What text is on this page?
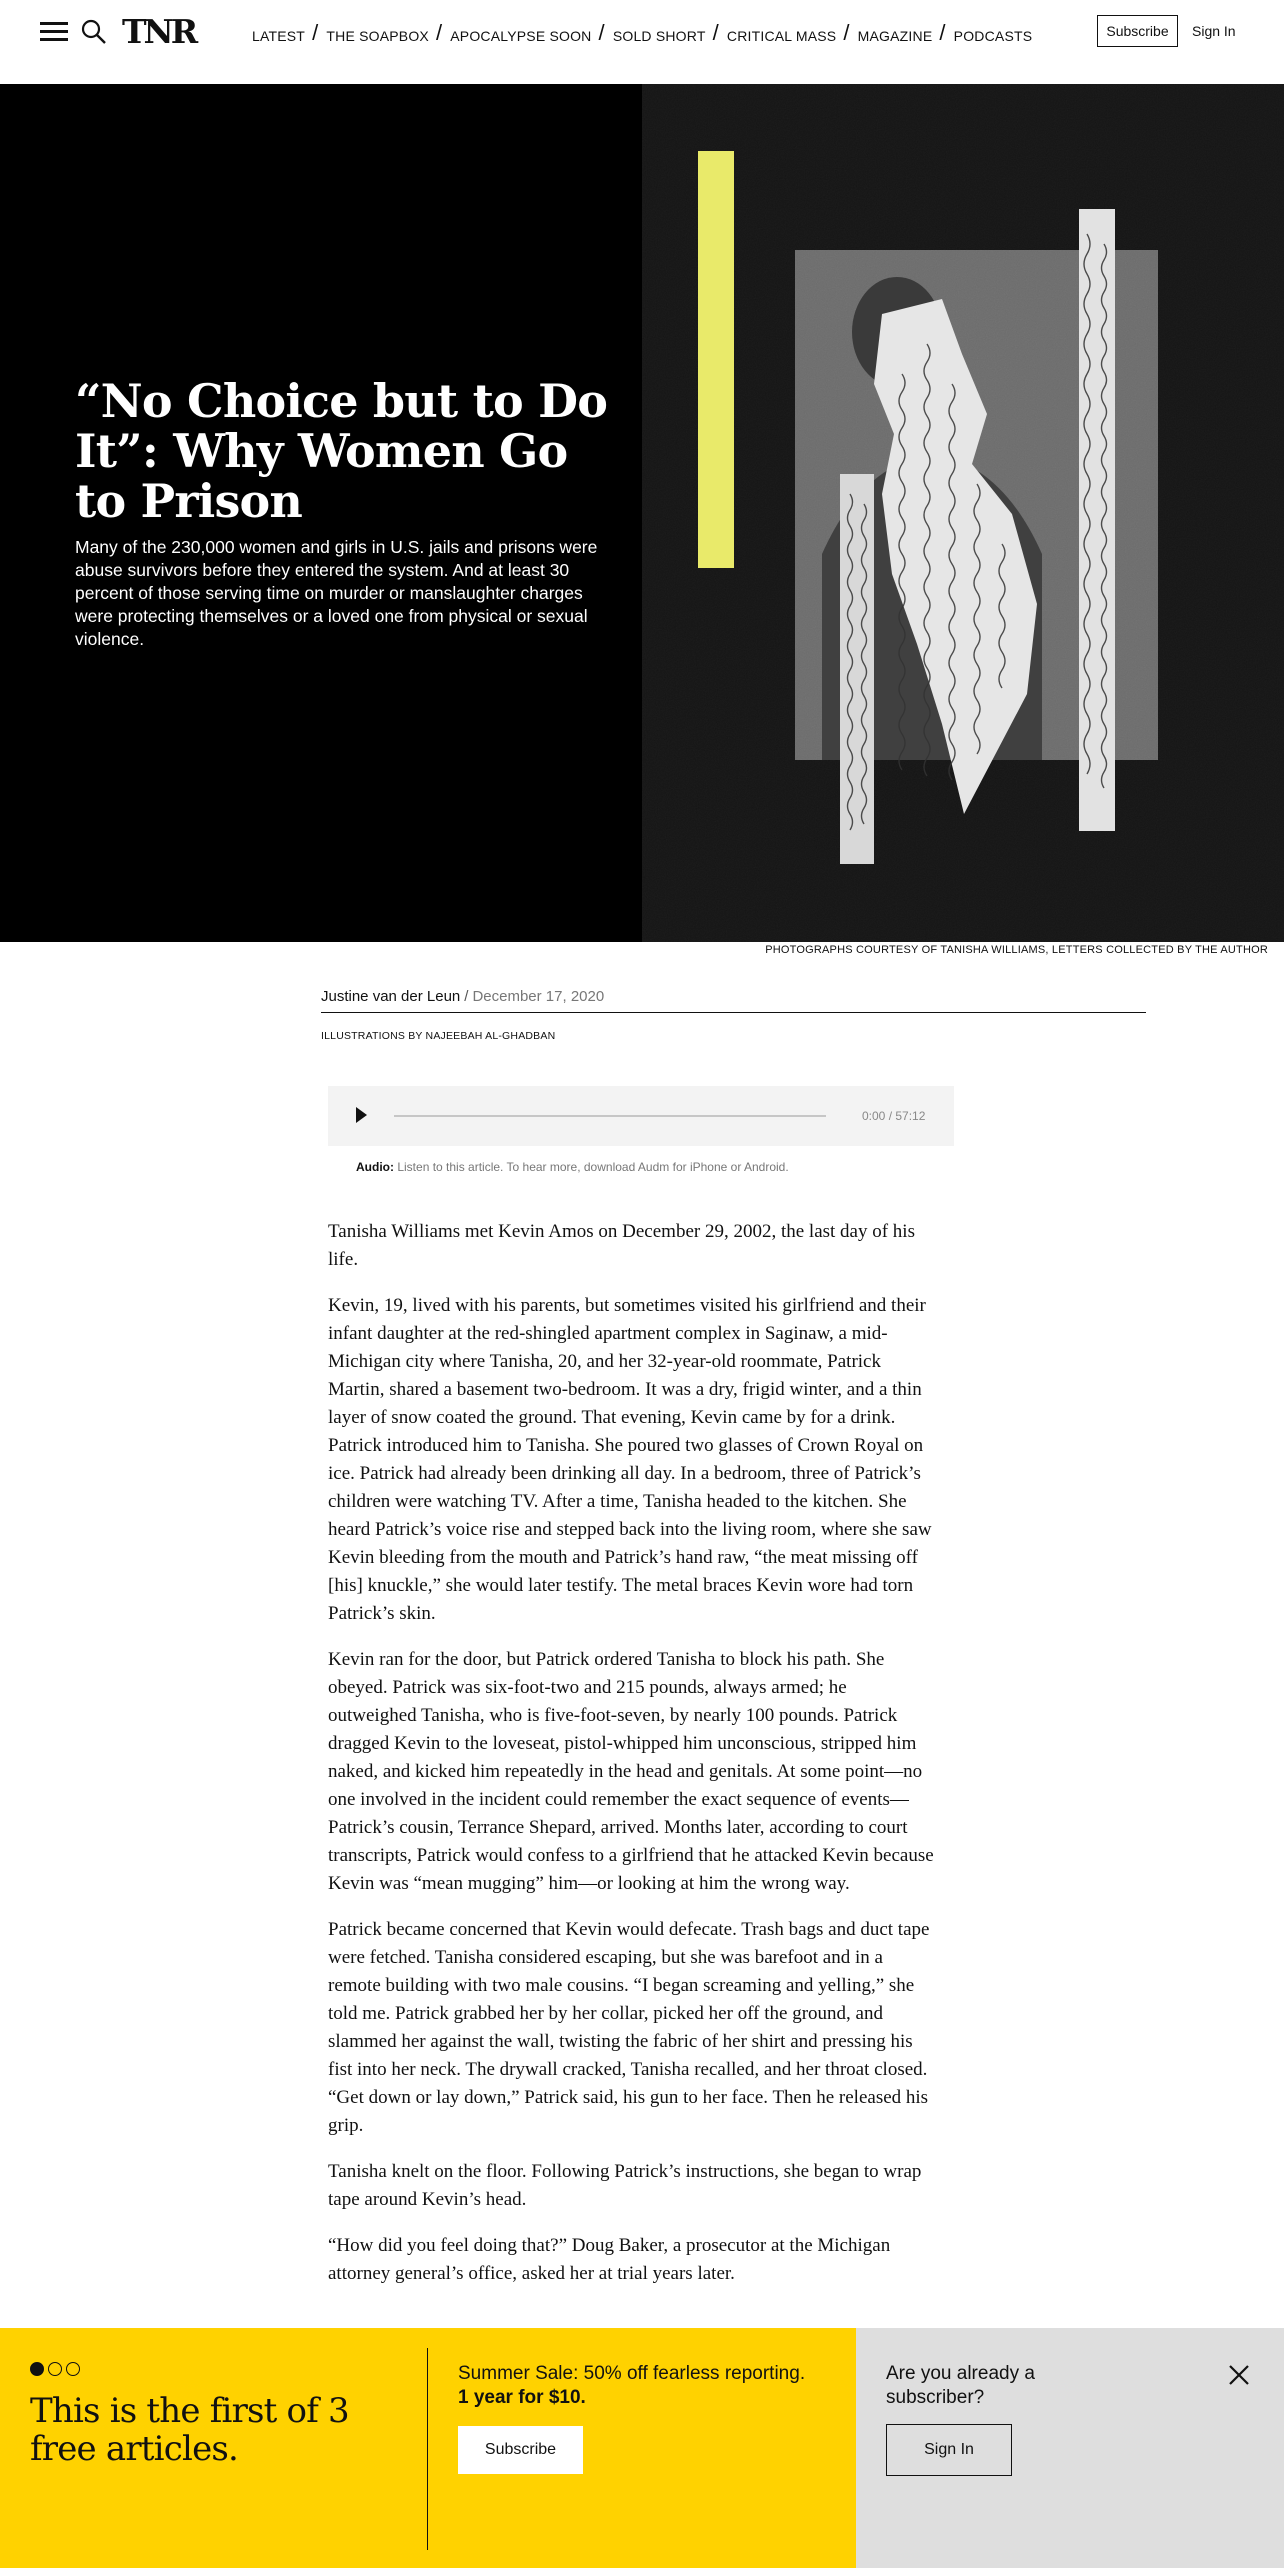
TNR	LATEST / THE SOAPBOX / APOCALYPSE SOON / SOLD SHORT / CRITICAL MASS / MAGAZINE / PODCASTS	Subscribe	Sign In
“No Choice but to Do It”: Why Women Go to Prison

Many of the 230,000 women and girls in U.S. jails and prisons were abuse survivors before they entered the system. And at least 30 percent of those serving time on murder or manslaughter charges were protecting themselves or a loved one from physical or sexual violence.

PHOTOGRAPHS COURTESY OF TANISHA WILLIAMS, LETTERS COLLECTED BY THE AUTHOR
Justine van der Leun / December 17, 2020
ILLUSTRATIONS BY NAJEEBAH AL-GHADBAN
0:00 / 57:12
Audio: Listen to this article. To hear more, download Audm for iPhone or Android.

Tanisha Williams met Kevin Amos on December 29, 2002, the last day of his life.

Kevin, 19, lived with his parents, but sometimes visited his girlfriend and their infant daughter at the red-shingled apartment complex in Saginaw, a mid-Michigan city where Tanisha, 20, and her 32-year-old roommate, Patrick Martin, shared a basement two-bedroom. It was a dry, frigid winter, and a thin layer of snow coated the ground. That evening, Kevin came by for a drink. Patrick introduced him to Tanisha. She poured two glasses of Crown Royal on ice. Patrick had already been drinking all day. In a bedroom, three of Patrick’s children were watching TV. After a time, Tanisha headed to the kitchen. She heard Patrick’s voice rise and stepped back into the living room, where she saw Kevin bleeding from the mouth and Patrick’s hand raw, “the meat missing off [his] knuckle,” she would later testify. The metal braces Kevin wore had torn Patrick’s skin.

Kevin ran for the door, but Patrick ordered Tanisha to block his path. She obeyed. Patrick was six-foot-two and 215 pounds, always armed; he outweighed Tanisha, who is five-foot-seven, by nearly 100 pounds. Patrick dragged Kevin to the loveseat, pistol-whipped him unconscious, stripped him naked, and kicked him repeatedly in the head and genitals. At some point—no one involved in the incident could remember the exact sequence of events—Patrick’s cousin, Terrance Shepard, arrived. Months later, according to court transcripts, Patrick would confess to a girlfriend that he attacked Kevin because Kevin was “mean mugging” him—or looking at him the wrong way.

Patrick became concerned that Kevin would defecate. Trash bags and duct tape were fetched. Tanisha considered escaping, but she was barefoot and in a remote building with two male cousins. “I began screaming and yelling,” she told me. Patrick grabbed her by her collar, picked her off the ground, and slammed her against the wall, twisting the fabric of her shirt and pressing his fist into her neck. The drywall cracked, Tanisha recalled, and her throat closed. “Get down or lay down,” Patrick said, his gun to her face. Then he released his grip.

Tanisha knelt on the floor. Following Patrick’s instructions, she began to wrap tape around Kevin’s head.

“How did you feel doing that?” Doug Baker, a prosecutor at the Michigan attorney general’s office, asked her at trial years later.

This is the first of 3 free articles.
Summer Sale: 50% off fearless reporting.
1 year for $10.
Subscribe
Are you already a subscriber?
Sign In
